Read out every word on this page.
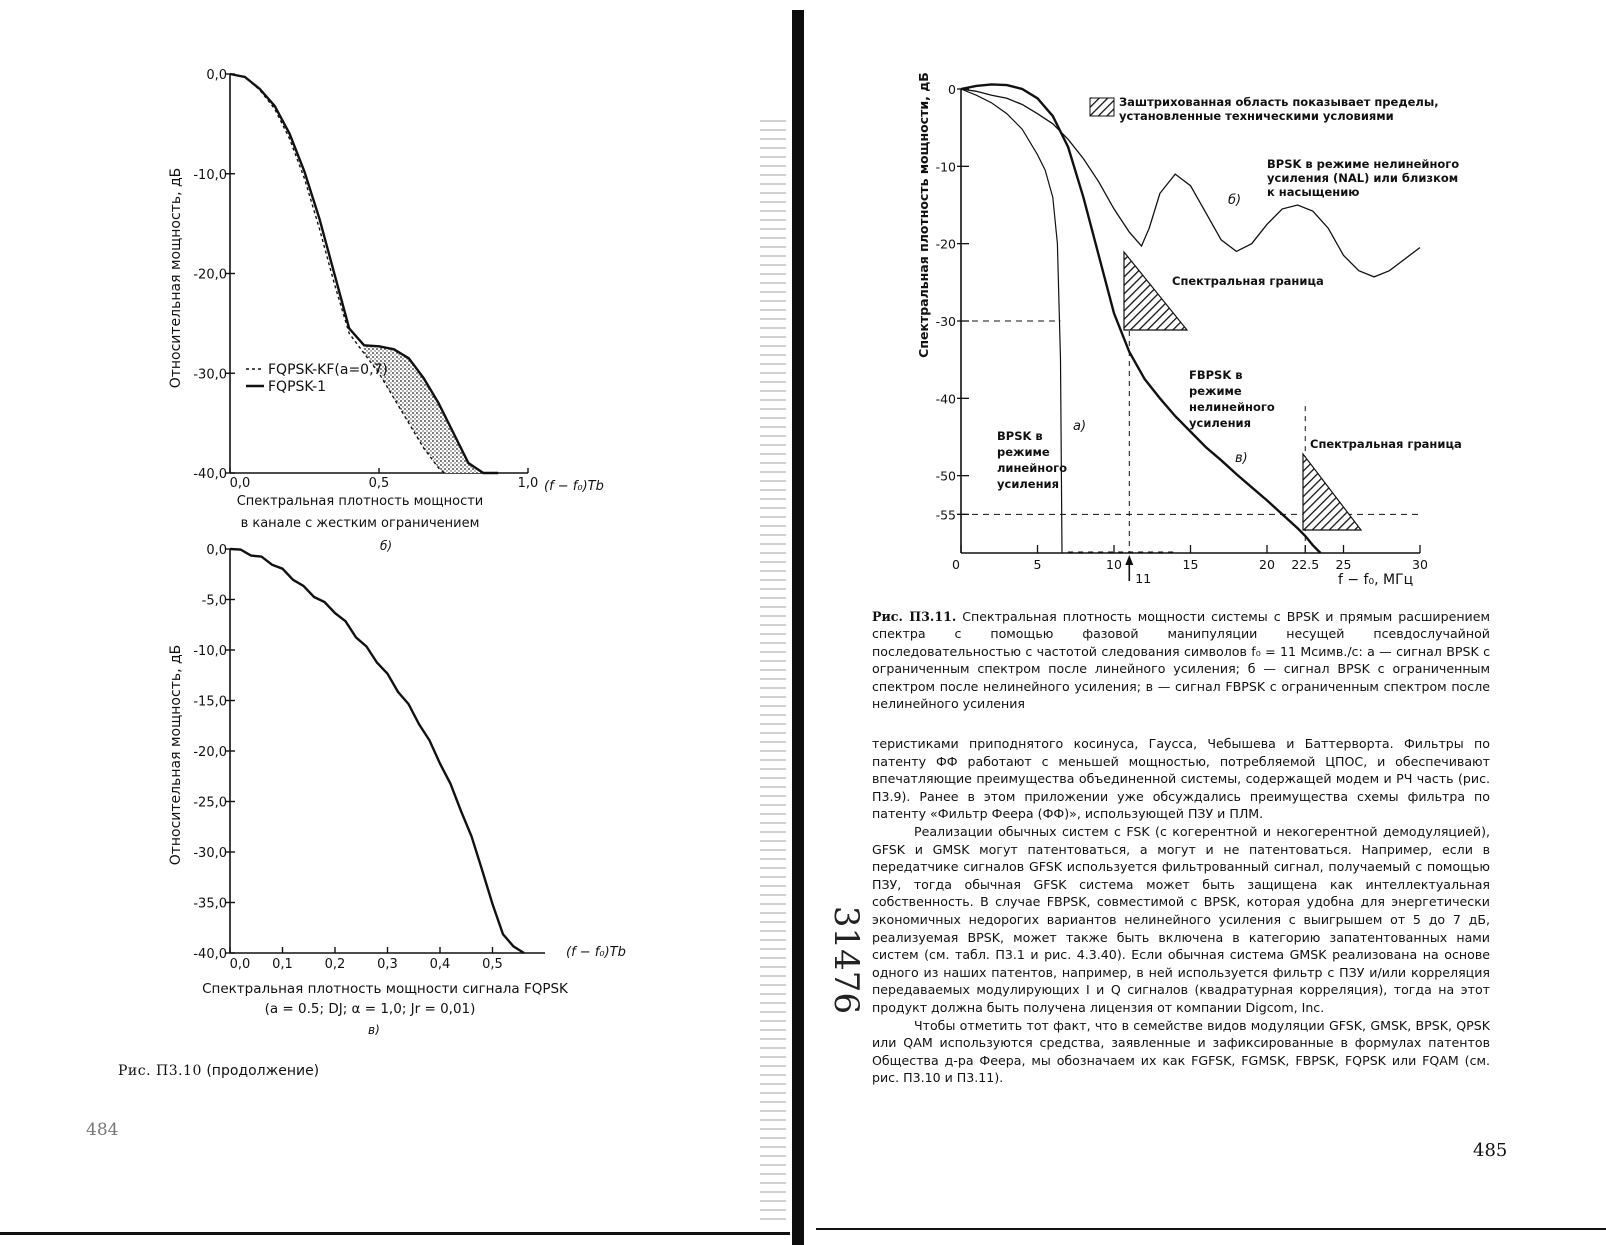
Относительная мощность, дБ
0,0
-10,0
-20,0
-30,0
-40,0
0,0	0,5	1,0
FQPSK-KF(a=0,7)
FQPSK-1
(f − f₀)Tb
Спектральная плотность мощности
в канале с жестким ограничением
б)
Относительная мощность, дБ
0,0
-5,0
-10,0
-15,0
-20,0
-25,0
-30,0
-35,0
-40,0
0,0 0,1 0,2 0,3 0,4 0,5
(f − f₀)Tb
Спектральная плотность мощности сигнала FQPSK
(a = 0.5; DJ; α = 1,0; Jr = 0,01)
в)
Рис. П3.10 (продолжение)
484
31476
Спектральная плотность мощности, дБ 0
-10
-20
-30
-40
-50
-55
0	5	10	15	20 22.5 25	30
11
Заштрихованная область показывает пределы, установленные техническими условиями
BPSK в режиме нелинейного усиления (NAL) или близком к насыщению
Спектральная граница
FBPSK в режиме нелинейного усиления
Спектральная граница
BPSK в режиме линейного усиления
а)
б)
в)
f − f₀, МГц
Рис. П3.11. Спектральная плотность мощности системы с BPSK и прямым расширением спектра с помощью фазовой манипуляции несущей псевдослучайной последовательностью с частотой следования символов f₀ = 11 Мсимв./с: а — сигнал BPSK с ограниченным спектром после линейного усиления; б — сигнал BPSK с ограниченным спектром после нелинейного усиления; в — сигнал FBPSK с ограниченным спектром после нелинейного усиления

теристиками приподнятого косинуса, Гаусса, Чебышева и Баттерворта. Фильтры по патенту ФФ работают с меньшей мощностью, потребляемой ЦПОС, и обеспечивают впечатляющие преимущества объединенной системы, содержащей модем и РЧ часть (рис. П3.9). Ранее в этом приложении уже обсуждались преимущества схемы фильтра по патенту «Фильтр Феера (ФФ)», использующей ПЗУ и ПЛМ.

Реализации обычных систем с FSK (с когерентной и некогерентной демодуляцией), GFSK и GMSK могут патентоваться, а могут и не патентоваться. Например, если в передатчике сигналов GFSK используется фильтрованный сигнал, получаемый с помощью ПЗУ, тогда обычная GFSK система может быть защищена как интеллектуальная собственность. В случае FBPSK, совместимой с BPSK, которая удобна для энергетически экономичных недорогих вариантов нелинейного усиления с выигрышем от 5 до 7 дБ, реализуемая BPSK, может также быть включена в категорию запатентованных нами систем (см. табл. П3.1 и рис. 4.3.40). Если обычная система GMSK реализована на основе одного из наших патентов, например, в ней используется фильтр с ПЗУ и/или корреляция передаваемых модулирующих I и Q сигналов (квадратурная корреляция), тогда на этот продукт должна быть получена лицензия от компании Digcom, Inc.

Чтобы отметить тот факт, что в семействе видов модуляции GFSK, GMSK, BPSK, QPSK или QAM используются средства, заявленные и зафиксированные в формулах патентов Общества д-ра Феера, мы обозначаем их как FGFSK, FGMSK, FBPSK, FQPSK или FQAM (см. рис. П3.10 и П3.11).

485
